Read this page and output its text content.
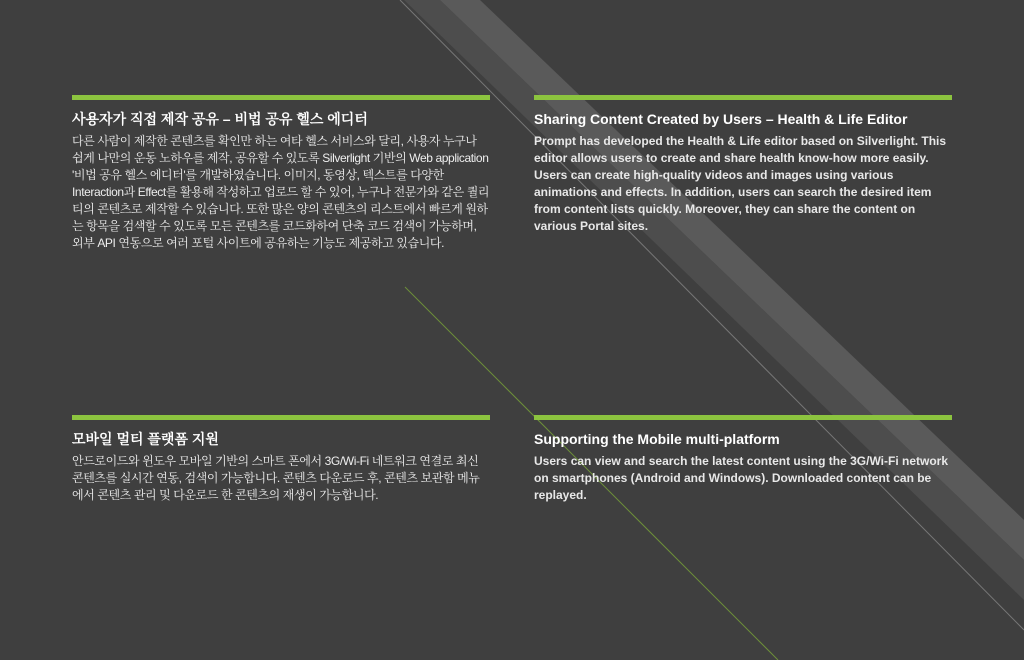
사용자가 직접 제작 공유 – 비법 공유 헬스 에디터

다른 사람이 제작한 콘텐츠를 확인만 하는 여타 헬스 서비스와 달리, 사용자 누구나 쉽게 나만의 운동 노하우를 제작, 공유할 수 있도록 Silverlight 기반의 Web application '비법 공유 헬스 에디터'를 개발하였습니다. 이미지, 동영상, 텍스트를 다양한 Interaction과 Effect를 활용해 작성하고 업로드 할 수 있어, 누구나 전문가와 같은 퀄리티의 콘텐츠로 제작할 수 있습니다. 또한 많은 양의 콘텐츠의 리스트에서 빠르게 원하는 항목을 검색할 수 있도록 모든 콘텐츠를 코드화하여 단축 코드 검색이 가능하며, 외부 API 연동으로 여러 포털 사이트에 공유하는 기능도 제공하고 있습니다.

Sharing Content Created by Users – Health & Life Editor

Prompt has developed the Health & Life editor based on Silverlight. This editor allows users to create and share health know-how more easily. Users can create high-quality videos and images using various animations and effects. In addition, users can search the desired item from content lists quickly. Moreover, they can share the content on various Portal sites.

모바일 멀티 플랫폼 지원

안드로이드와 윈도우 모바일 기반의 스마트 폰에서 3G/Wi-Fi 네트워크 연결로 최신 콘텐츠를 실시간 연동, 검색이 가능합니다. 콘텐츠 다운로드 후, 콘텐츠 보관함 메뉴에서 콘텐츠 관리 및 다운로드 한 콘텐츠의 재생이 가능합니다.

Supporting the Mobile multi-platform

Users can view and search the latest content using the 3G/Wi-Fi network on smartphones (Android and Windows). Downloaded content can be replayed.
